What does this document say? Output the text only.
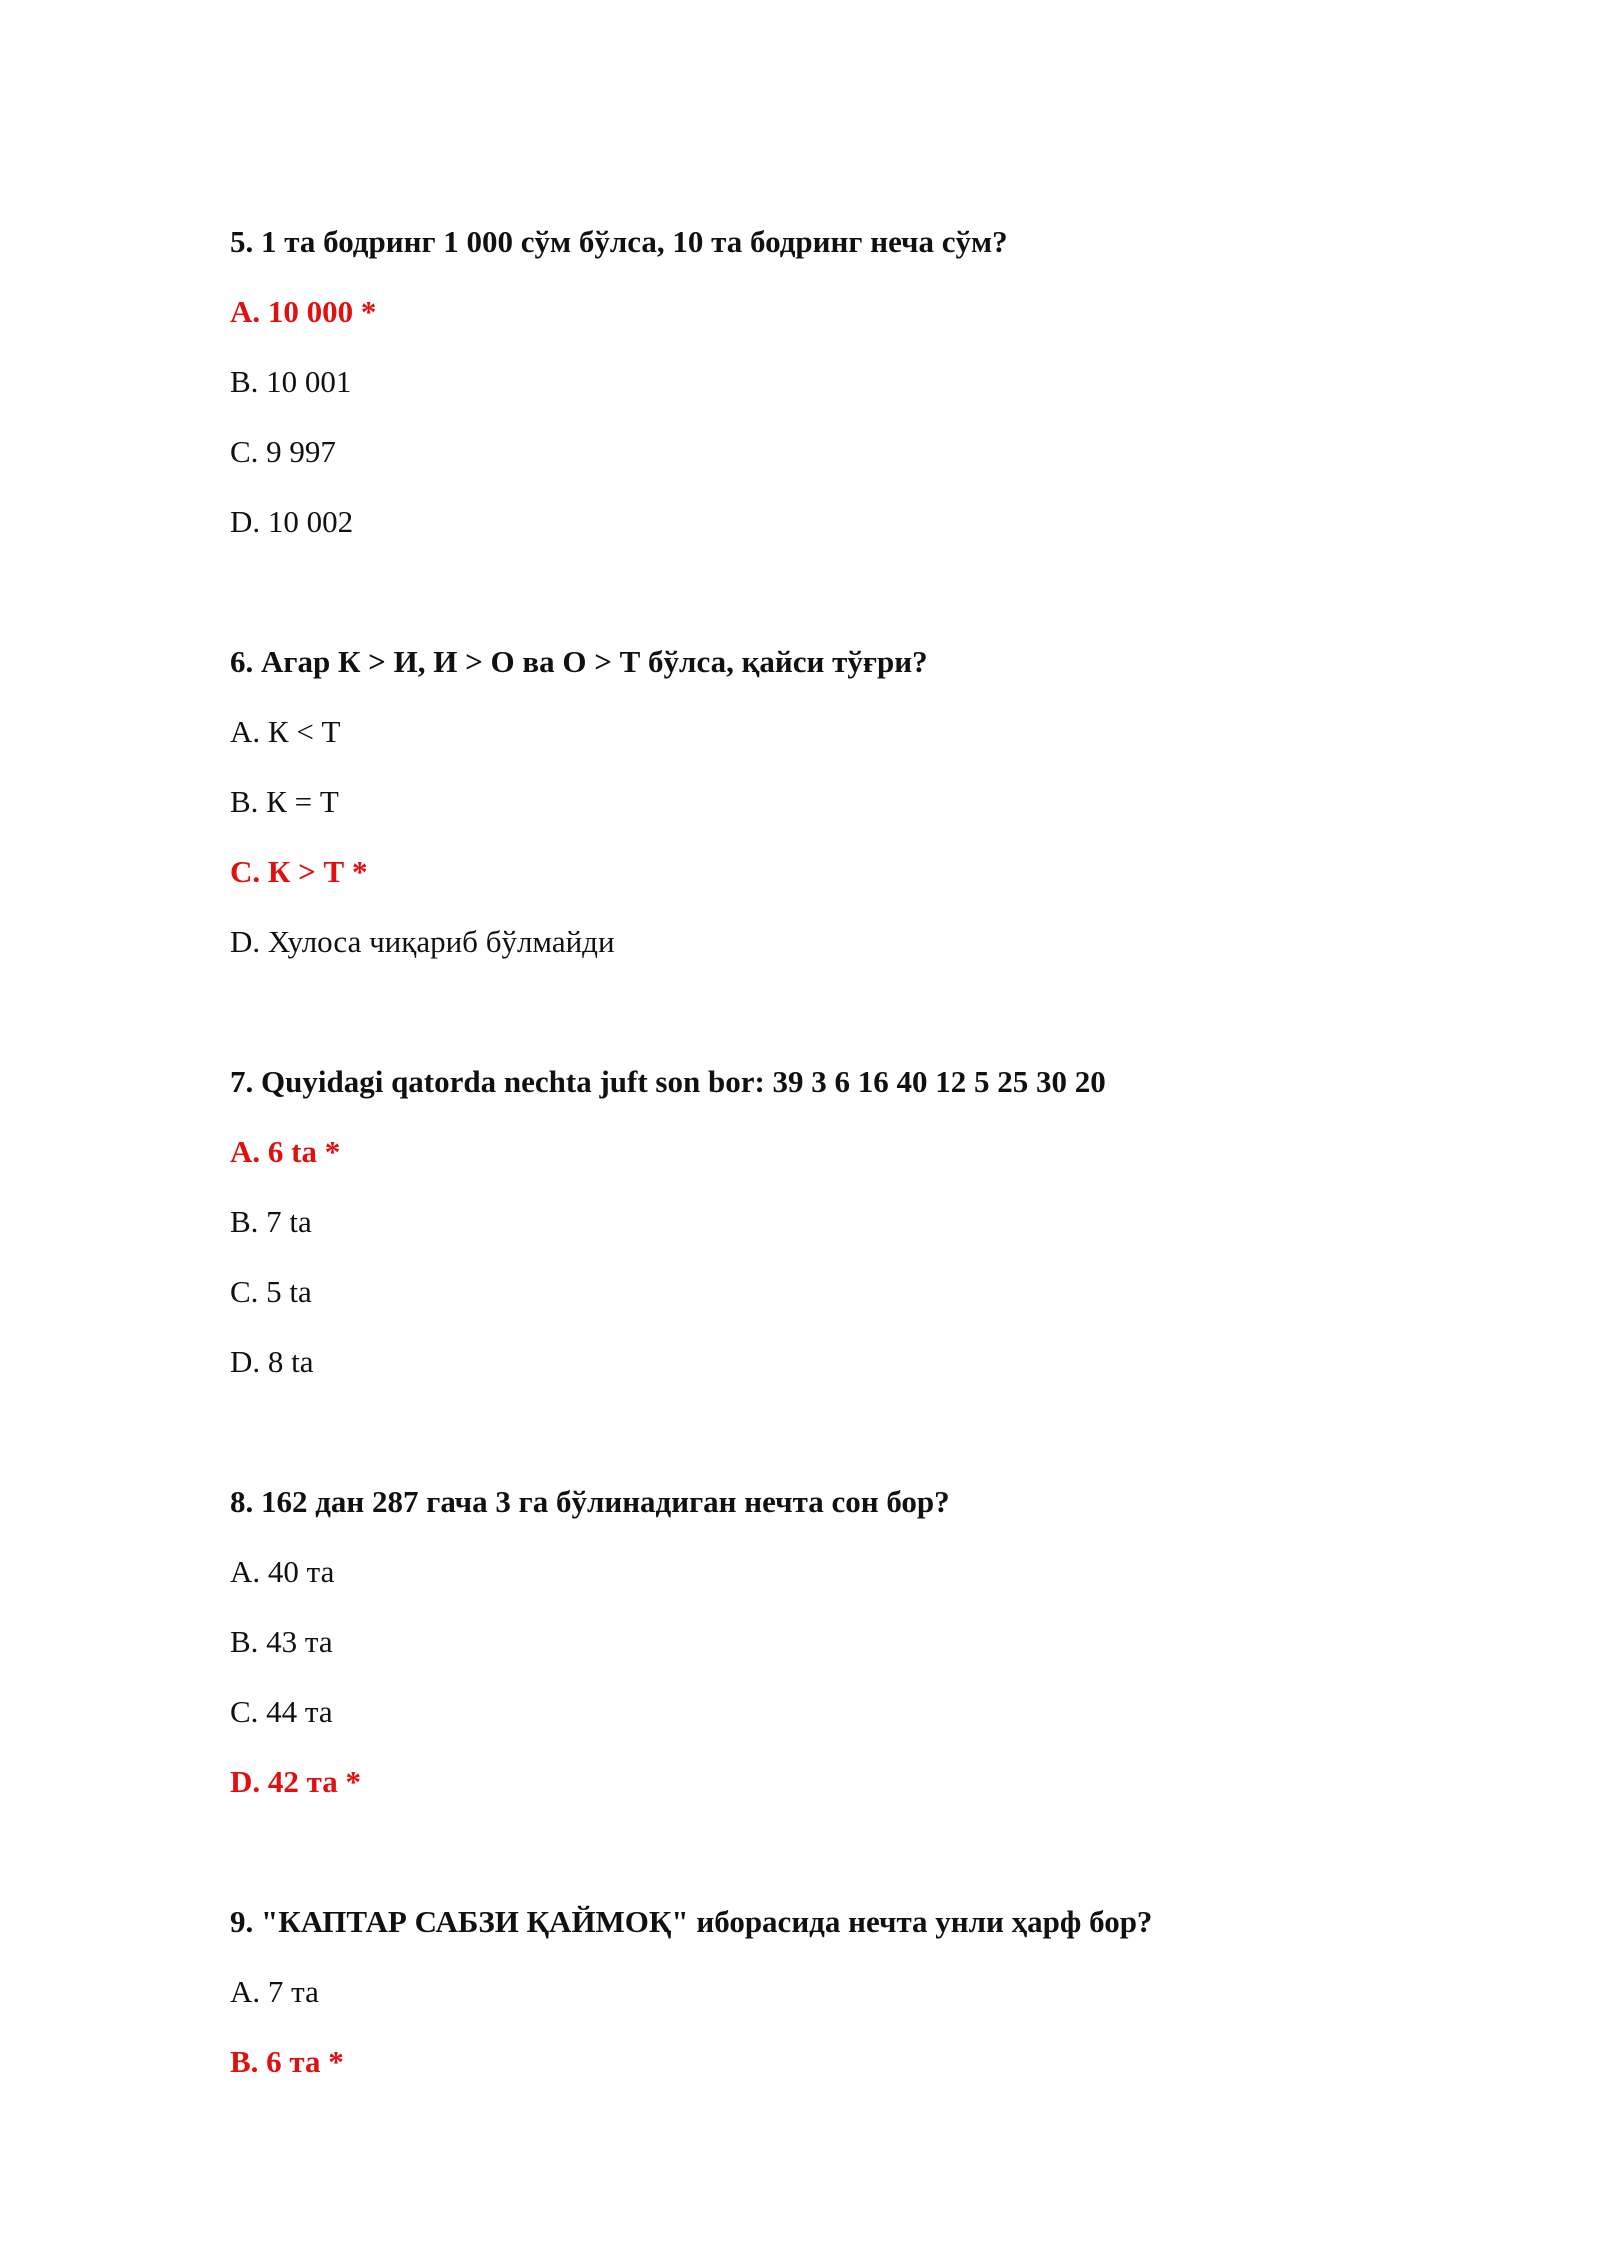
5. 1 та бодринг 1 000 сўм бўлса, 10 та бодринг неча сўм?
A. 10 000 *
B. 10 001
C. 9 997
D. 10 002
6. Агар К > И, И > О ва О > Т бўлса, қайси тўғри?
A. К < Т
B. К = Т
C. К > Т *
D. Хулоса чиқариб бўлмайди
7. Quyidagi qatorda nechta juft son bor: 39 3 6 16 40 12 5 25 30 20
A. 6 ta *
B. 7 ta
C. 5 ta
D. 8 ta
8. 162 дан 287 гача 3 га бўлинадиган нечта сон бор?
A. 40 та
B. 43 та
C. 44 та
D. 42 та *
9. "КАПТАР САБЗИ ҚАЙМОҚ" иборасида нечта унли ҳарф бор?
A. 7 та
B. 6 та *
